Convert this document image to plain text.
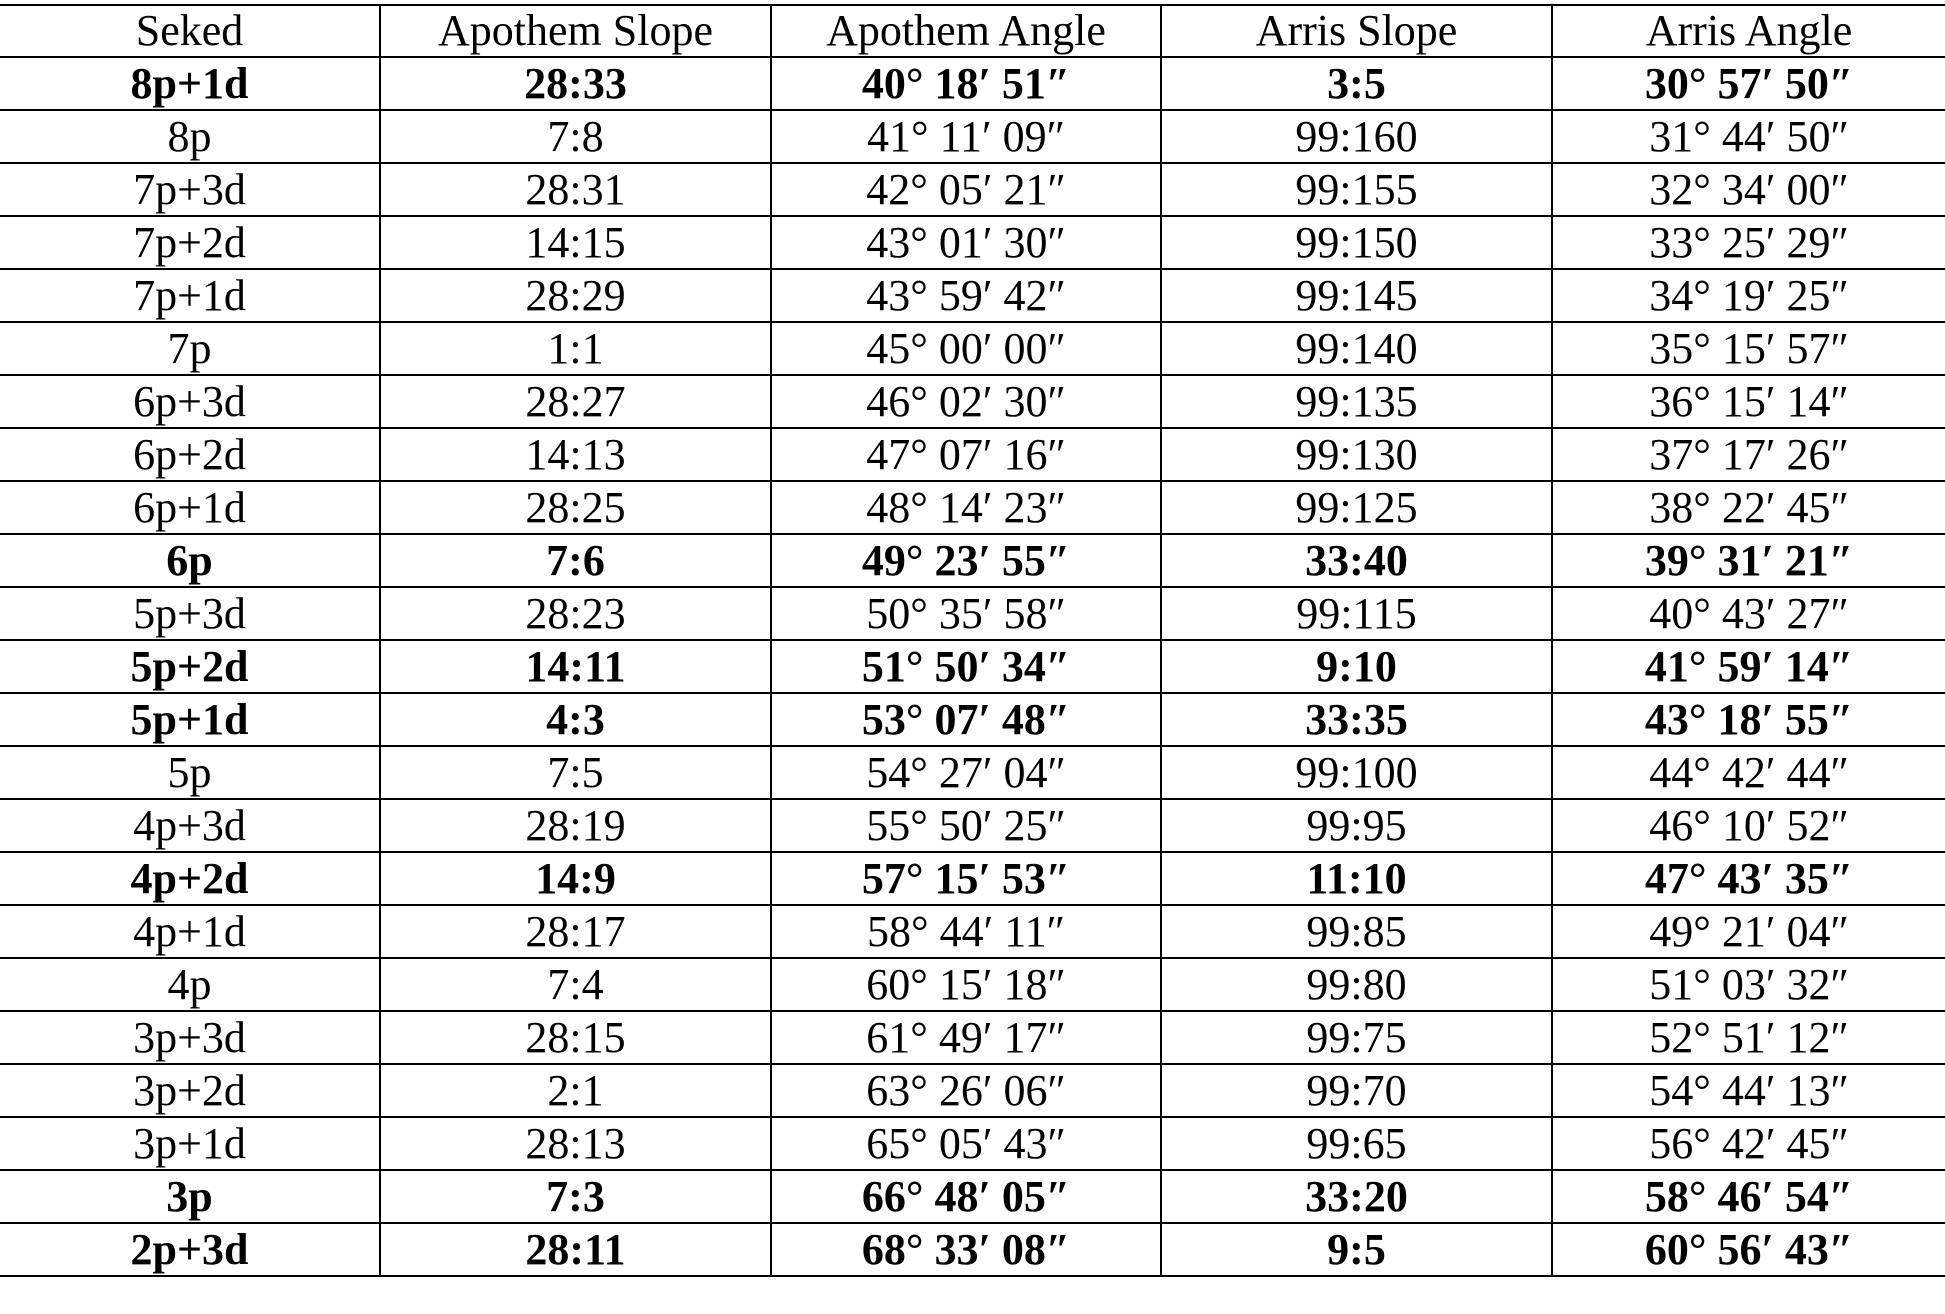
Seked	Apothem Slope	Apothem Angle	Arris Slope	Arris Angle
8p+1d	28:33	40° 18′ 51″	3:5	30° 57′ 50″
8p	7:8	41° 11′ 09″	99:160	31° 44′ 50″
7p+3d	28:31	42° 05′ 21″	99:155	32° 34′ 00″
7p+2d	14:15	43° 01′ 30″	99:150	33° 25′ 29″
7p+1d	28:29	43° 59′ 42″	99:145	34° 19′ 25″
7p	1:1	45° 00′ 00″	99:140	35° 15′ 57″
6p+3d	28:27	46° 02′ 30″	99:135	36° 15′ 14″
6p+2d	14:13	47° 07′ 16″	99:130	37° 17′ 26″
6p+1d	28:25	48° 14′ 23″	99:125	38° 22′ 45″
6p	7:6	49° 23′ 55″	33:40	39° 31′ 21″
5p+3d	28:23	50° 35′ 58″	99:115	40° 43′ 27″
5p+2d	14:11	51° 50′ 34″	9:10	41° 59′ 14″
5p+1d	4:3	53° 07′ 48″	33:35	43° 18′ 55″
5p	7:5	54° 27′ 04″	99:100	44° 42′ 44″
4p+3d	28:19	55° 50′ 25″	99:95	46° 10′ 52″
4p+2d	14:9	57° 15′ 53″	11:10	47° 43′ 35″
4p+1d	28:17	58° 44′ 11″	99:85	49° 21′ 04″
4p	7:4	60° 15′ 18″	99:80	51° 03′ 32″
3p+3d	28:15	61° 49′ 17″	99:75	52° 51′ 12″
3p+2d	2:1	63° 26′ 06″	99:70	54° 44′ 13″
3p+1d	28:13	65° 05′ 43″	99:65	56° 42′ 45″
3p	7:3	66° 48′ 05″	33:20	58° 46′ 54″
2p+3d	28:11	68° 33′ 08″	9:5	60° 56′ 43″
